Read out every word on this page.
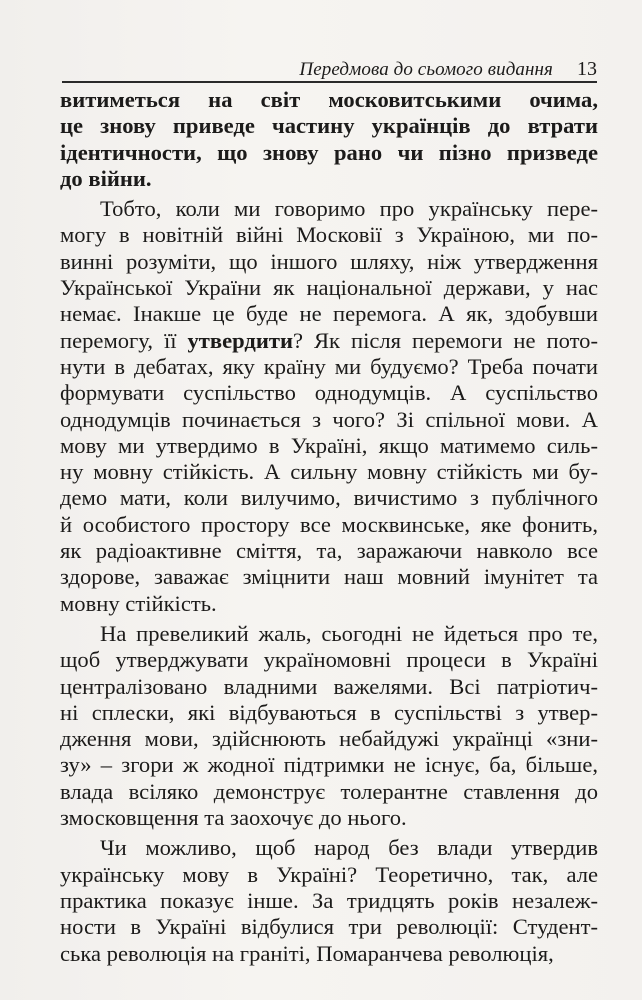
Передмова до сьомого видання 13
витиметься на світ московитськими очима,
це знову приведе частину українців до втрати
ідентичности, що знову рано чи пізно призведе
до війни.
Тобто, коли ми говоримо про українську пере-
могу в новітній війні Московії з Україною, ми по-
винні розуміти, що іншого шляху, ніж утвердження
Української України як національної держави, у нас
немає. Інакше це буде не перемога. А як, здобувши
перемогу, її утвердити? Як після перемоги не пото-
нути в дебатах, яку країну ми будуємо? Треба почати
формувати суспільство однодумців. А суспільство
однодумців починається з чого? Зі спільної мови. А
мову ми утвердимо в Україні, якщо матимемо силь-
ну мовну стійкість. А сильну мовну стійкість ми бу-
демо мати, коли вилучимо, вичистимо з публічного
й особистого простору все москвинське, яке фонить,
як радіоактивне сміття, та, заражаючи навколо все
здорове, заважає зміцнити наш мовний імунітет та
мовну стійкість.
На превеликий жаль, сьогодні не йдеться про те,
щоб утверджувати україномовні процеси в Україні
централізовано владними важелями. Всі патріотич-
ні сплески, які відбуваються в суспільстві з утвер-
дження мови, здійснюють небайдужі українці «зни-
зу» – згори ж жодної підтримки не існує, ба, більше,
влада всіляко демонструє толерантне ставлення до
змосковщення та заохочує до нього.
Чи можливо, щоб народ без влади утвердив
українську мову в Україні? Теоретично, так, але
практика показує інше. За тридцять років незалеж-
ности в Україні відбулися три революції: Студент-
ська революція на граніті, Помаранчева революція,
